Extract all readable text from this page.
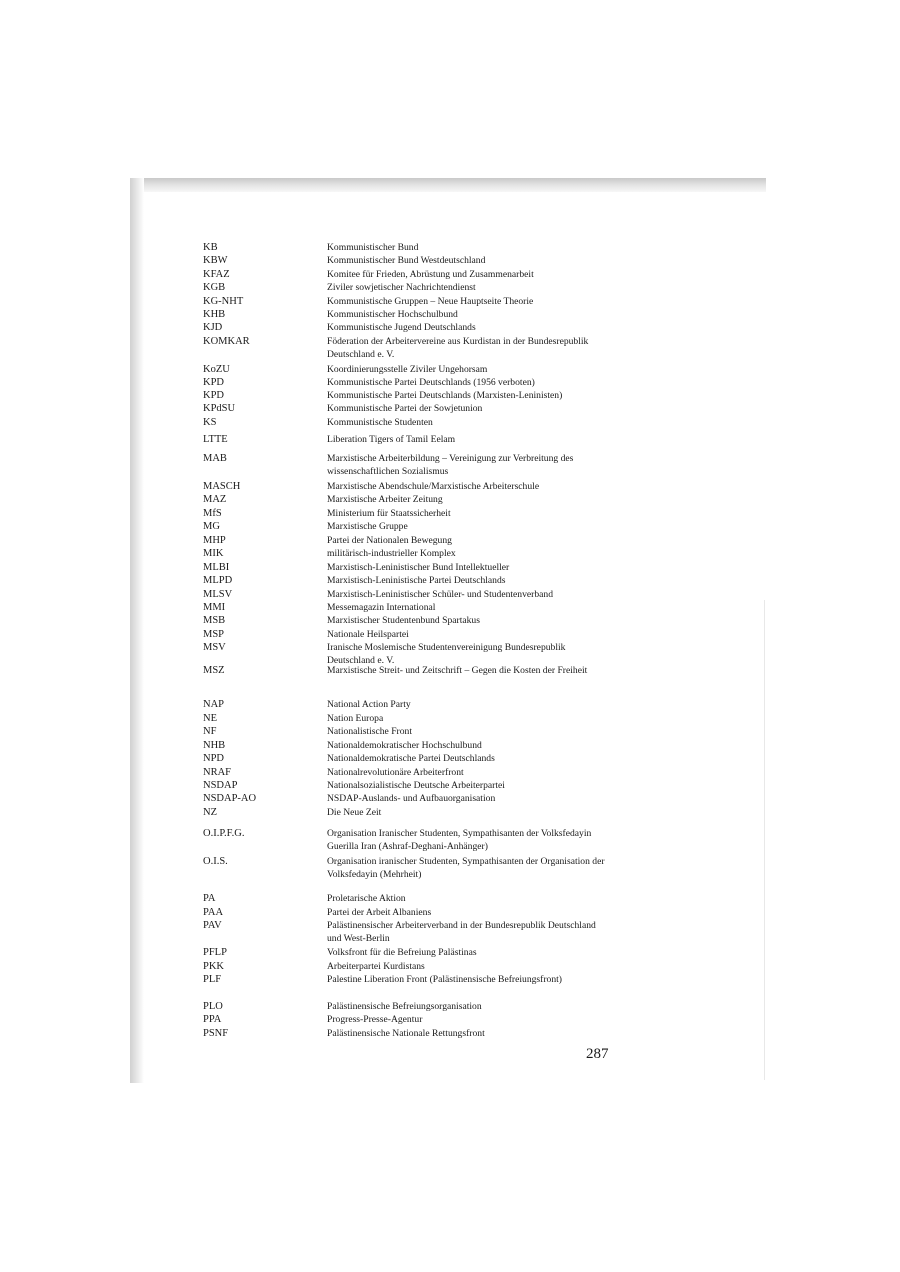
KB	Kommunistischer Bund
KBW	Kommunistischer Bund Westdeutschland
KFAZ	Komitee für Frieden, Abrüstung und Zusammenarbeit
KGB	Ziviler sowjetischer Nachrichtendienst
KG-NHT	Kommunistische Gruppen – Neue Hauptseite Theorie
KHB	Kommunistischer Hochschulbund
KJD	Kommunistische Jugend Deutschlands
KOMKAR	Föderation der Arbeitervereine aus Kurdistan in der Bundesrepublik Deutschland e. V.
KoZU	Koordinierungsstelle Ziviler Ungehorsam
KPD	Kommunistische Partei Deutschlands (1956 verboten)
KPD	Kommunistische Partei Deutschlands (Marxisten-Leninisten)
KPdSU	Kommunistische Partei der Sowjetunion
KS	Kommunistische Studenten
LTTE	Liberation Tigers of Tamil Eelam
MAB	Marxistische Arbeiterbildung – Vereinigung zur Verbreitung des wissenschaftlichen Sozialismus
MASCH	Marxistische Abendschule/Marxistische Arbeiterschule
MAZ	Marxistische Arbeiter Zeitung
MfS	Ministerium für Staatssicherheit
MG	Marxistische Gruppe
MHP	Partei der Nationalen Bewegung
MIK	militärisch-industrieller Komplex
MLBI	Marxistisch-Leninistischer Bund Intellektueller
MLPD	Marxistisch-Leninistische Partei Deutschlands
MLSV	Marxistisch-Leninistischer Schüler- und Studentenverband
MMI	Messemagazin International
MSB	Marxistischer Studentenbund Spartakus
MSP	Nationale Heilspartei
MSV	Iranische Moslemische Studentenvereinigung Bundesrepublik Deutschland e. V.
MSZ	Marxistische Streit- und Zeitschrift – Gegen die Kosten der Freiheit
NAP	National Action Party
NE	Nation Europa
NF	Nationalistische Front
NHB	Nationaldemokratischer Hochschulbund
NPD	Nationaldemokratische Partei Deutschlands
NRAF	Nationalrevolutionäre Arbeiterfront
NSDAP	Nationalsozialistische Deutsche Arbeiterpartei
NSDAP-AO	NSDAP-Auslands- und Aufbauorganisation
NZ	Die Neue Zeit
O.I.P.F.G.	Organisation Iranischer Studenten, Sympathisanten der Volksfedayin Guerilla Iran (Ashraf-Deghani-Anhänger)
O.I.S.	Organisation iranischer Studenten, Sympathisanten der Organisation der Volksfedayin (Mehrheit)
PA	Proletarische Aktion
PAA	Partei der Arbeit Albaniens
PAV	Palästinensischer Arbeiterverband in der Bundesrepublik Deutschland und West-Berlin
PFLP	Volksfront für die Befreiung Palästinas
PKK	Arbeiterpartei Kurdistans
PLF	Palestine Liberation Front (Palästinensische Befreiungsfront)
PLO	Palästinensische Befreiungsorganisation
PPA	Progress-Presse-Agentur
PSNF	Palästinensische Nationale Rettungsfront
287
